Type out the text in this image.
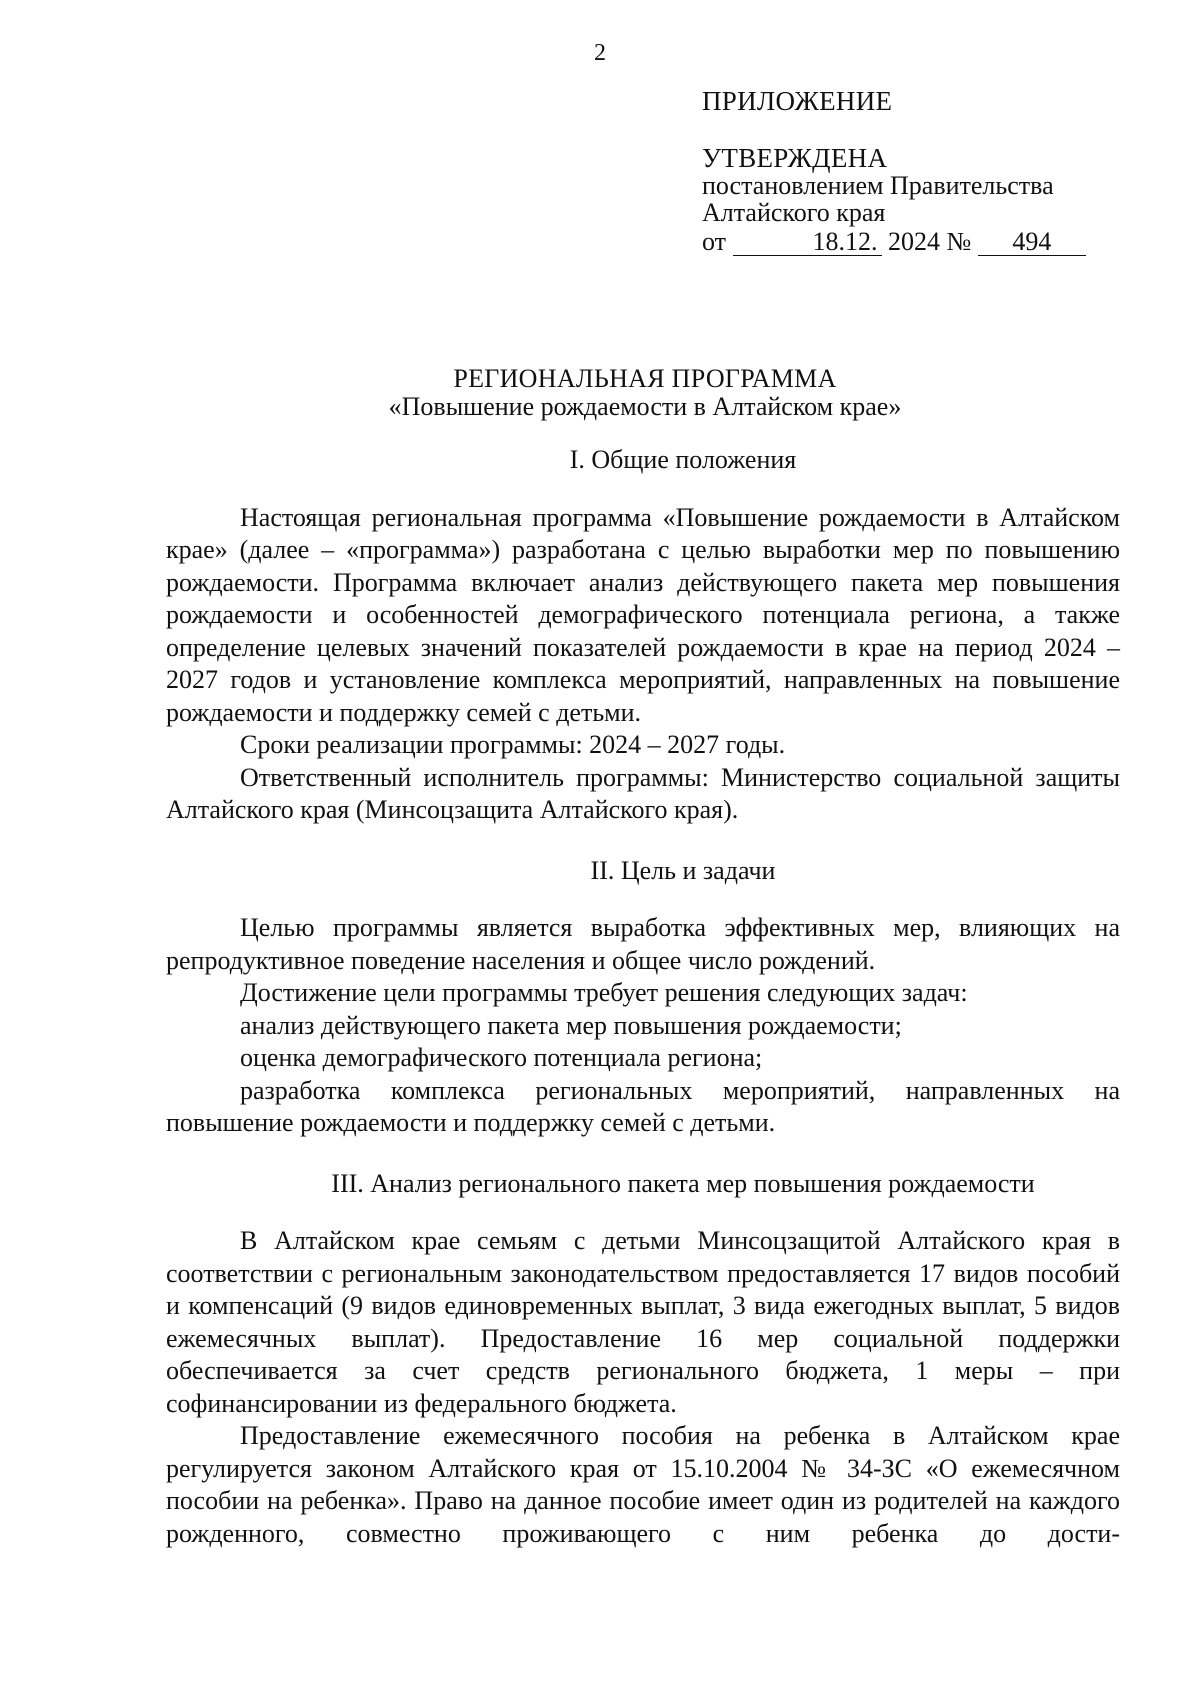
2
ПРИЛОЖЕНИЕ
УТВЕРЖДЕНА
постановлением Правительства
Алтайского края
от	18.12. 2024 № 494
РЕГИОНАЛЬНАЯ ПРОГРАММА
«Повышение рождаемости в Алтайском крае»

I. Общие положения

Настоящая региональная программа «Повышение рождаемости в Алтайском крае» (далее – «программа») разработана с целью выработки мер по повышению рождаемости. Программа включает анализ действующего пакета мер повышения рождаемости и особенностей демографического потенциала региона, а также определение целевых значений показателей рождаемости в крае на период 2024 – 2027 годов и установление комплекса мероприятий, направленных на повышение рождаемости и поддержку семей с детьми.

Сроки реализации программы: 2024 – 2027 годы.

Ответственный исполнитель программы: Министерство социальной защиты Алтайского края (Минсоцзащита Алтайского края).

II. Цель и задачи

Целью программы является выработка эффективных мер, влияющих на репродуктивное поведение населения и общее число рождений.

Достижение цели программы требует решения следующих задач:

анализ действующего пакета мер повышения рождаемости;

оценка демографического потенциала региона;

разработка комплекса региональных мероприятий, направленных на повышение рождаемости и поддержку семей с детьми.

III. Анализ регионального пакета мер повышения рождаемости

В Алтайском крае семьям с детьми Минсоцзащитой Алтайского края в соответствии с региональным законодательством предоставляется 17 видов пособий и компенсаций (9 видов единовременных выплат, 3 вида ежегодных выплат, 5 видов ежемесячных выплат). Предоставление 16 мер социальной поддержки обеспечивается за счет средств регионального бюджета, 1 меры – при софинансировании из федерального бюджета.

Предоставление ежемесячного пособия на ребенка в Алтайском крае регулируется законом Алтайского края от 15.10.2004 № 34-ЗС «О ежемесячном пособии на ребенка». Право на данное пособие имеет один из родителей на каждого рожденного, совместно проживающего с ним ребенка до дости-
